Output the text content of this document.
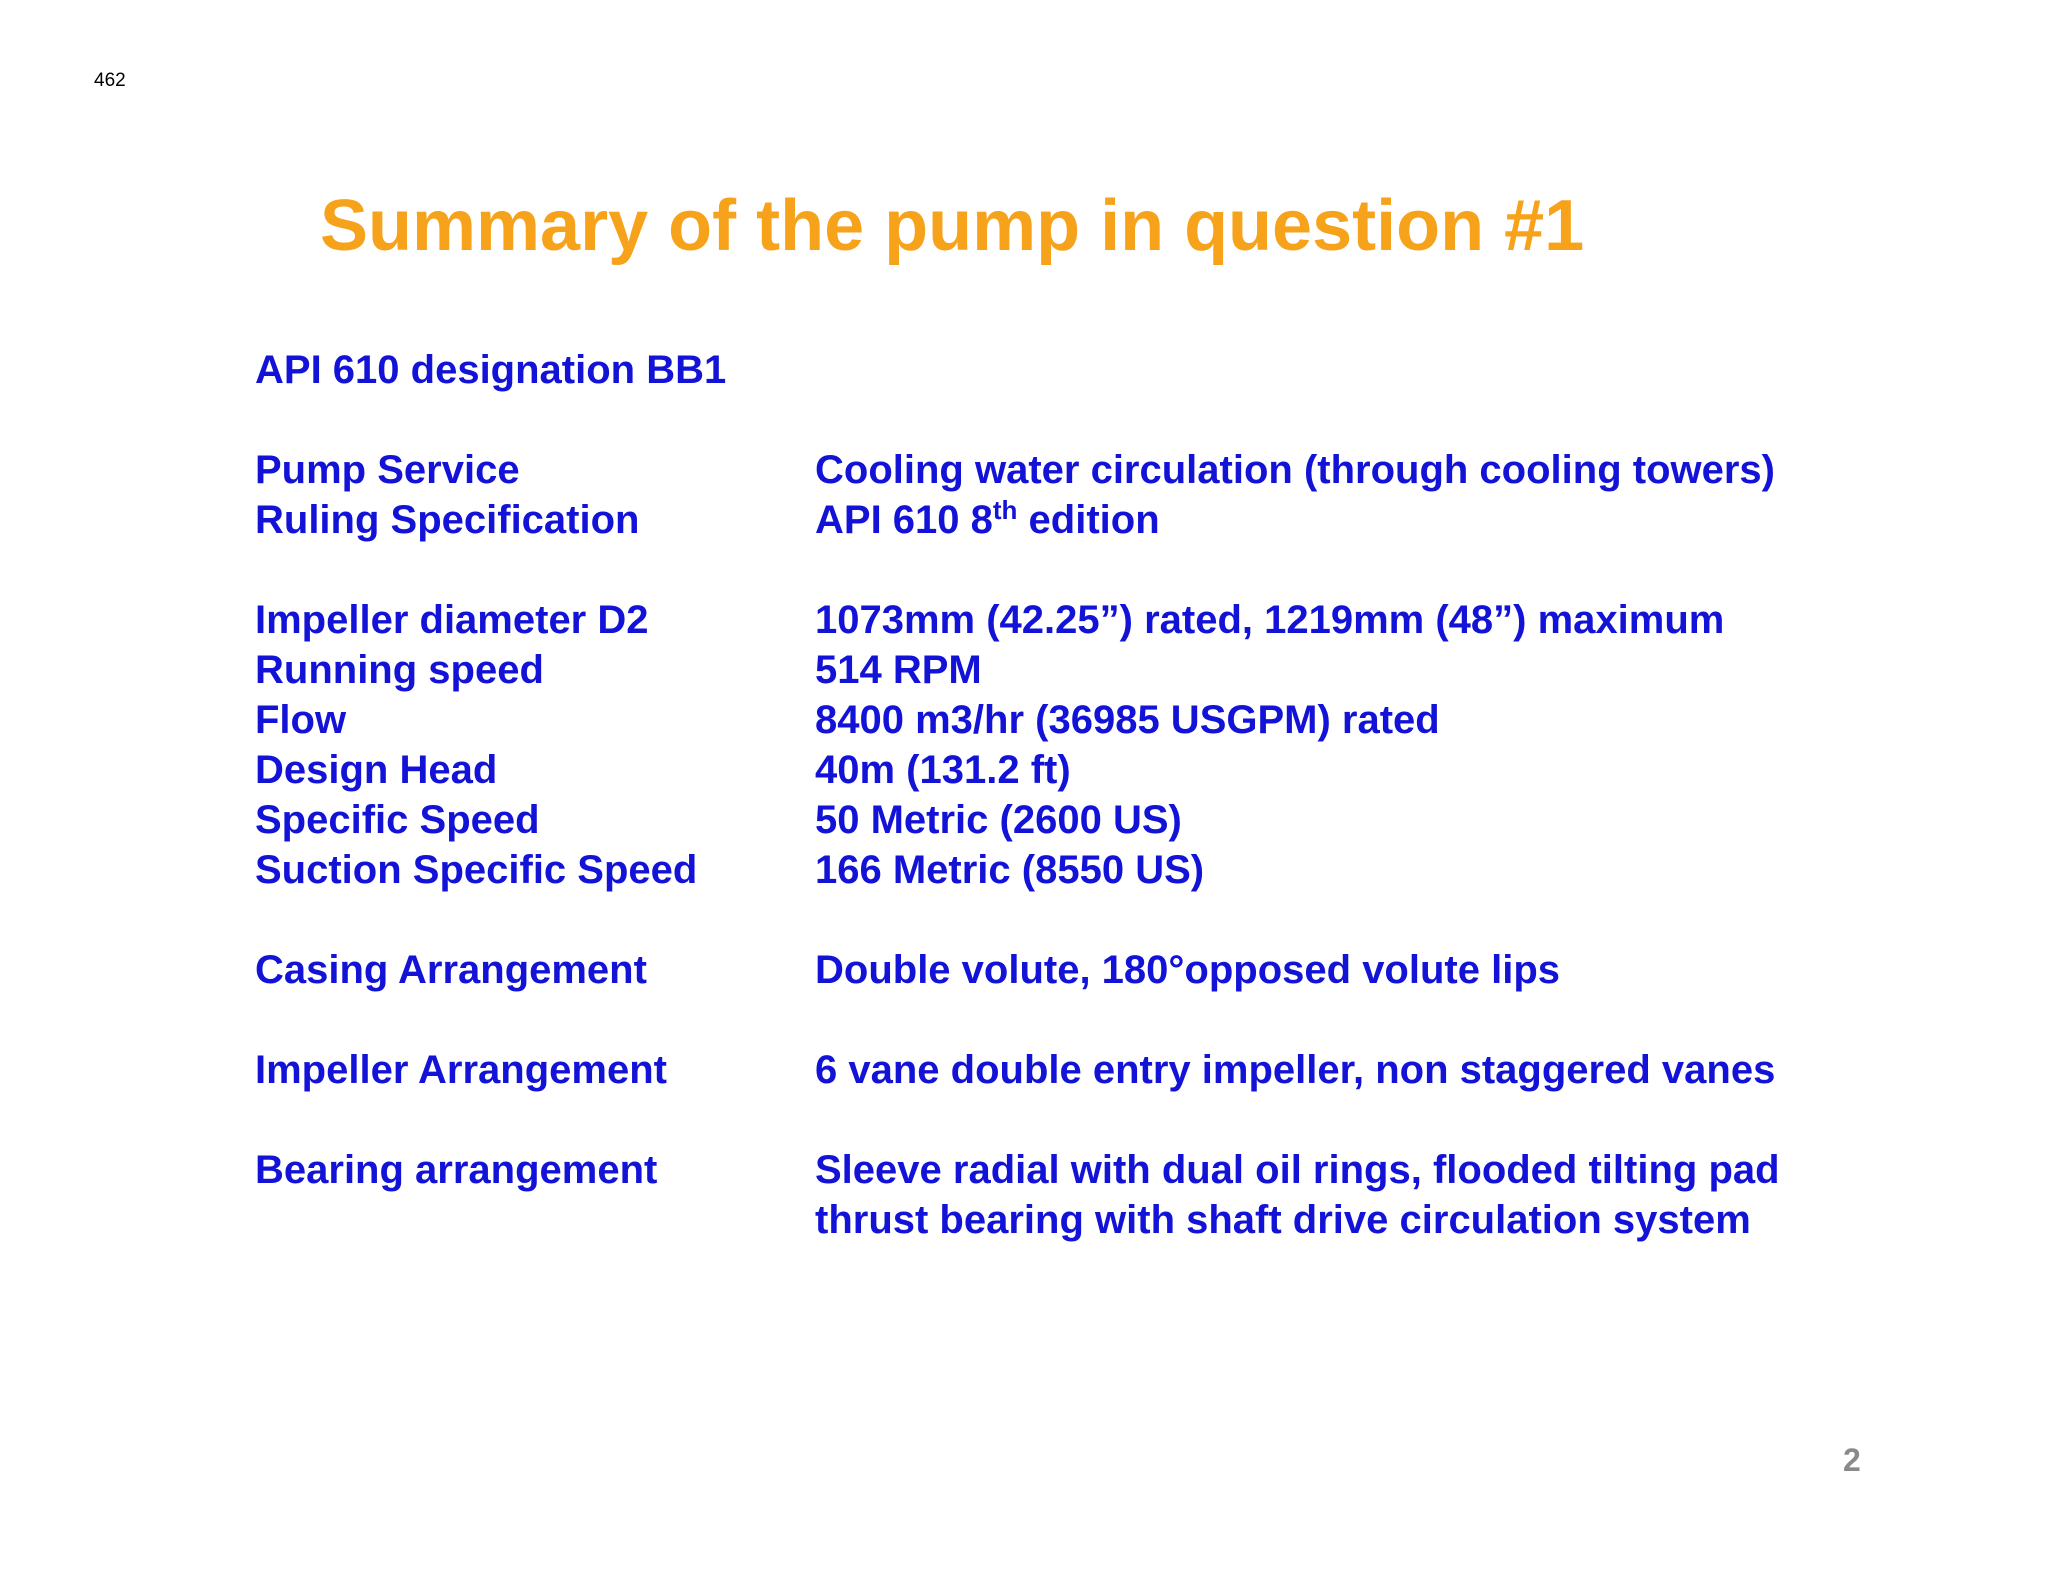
462
Summary of the pump in question #1
API 610 designation BB1
Pump Service	Cooling water circulation (through cooling towers)
Ruling Specification	API 610 8th edition
Impeller diameter D2	1073mm (42.25”) rated, 1219mm (48”) maximum
Running speed	514 RPM
Flow	8400 m3/hr (36985 USGPM) rated
Design Head	40m (131.2 ft)
Specific Speed	50 Metric (2600 US)
Suction Specific Speed	166 Metric (8550 US)
Casing Arrangement	Double volute, 180°opposed volute lips
Impeller Arrangement	6 vane double entry impeller, non staggered vanes
Bearing arrangement	Sleeve radial with dual oil rings, flooded tilting pad
thrust bearing with shaft drive circulation system
2
